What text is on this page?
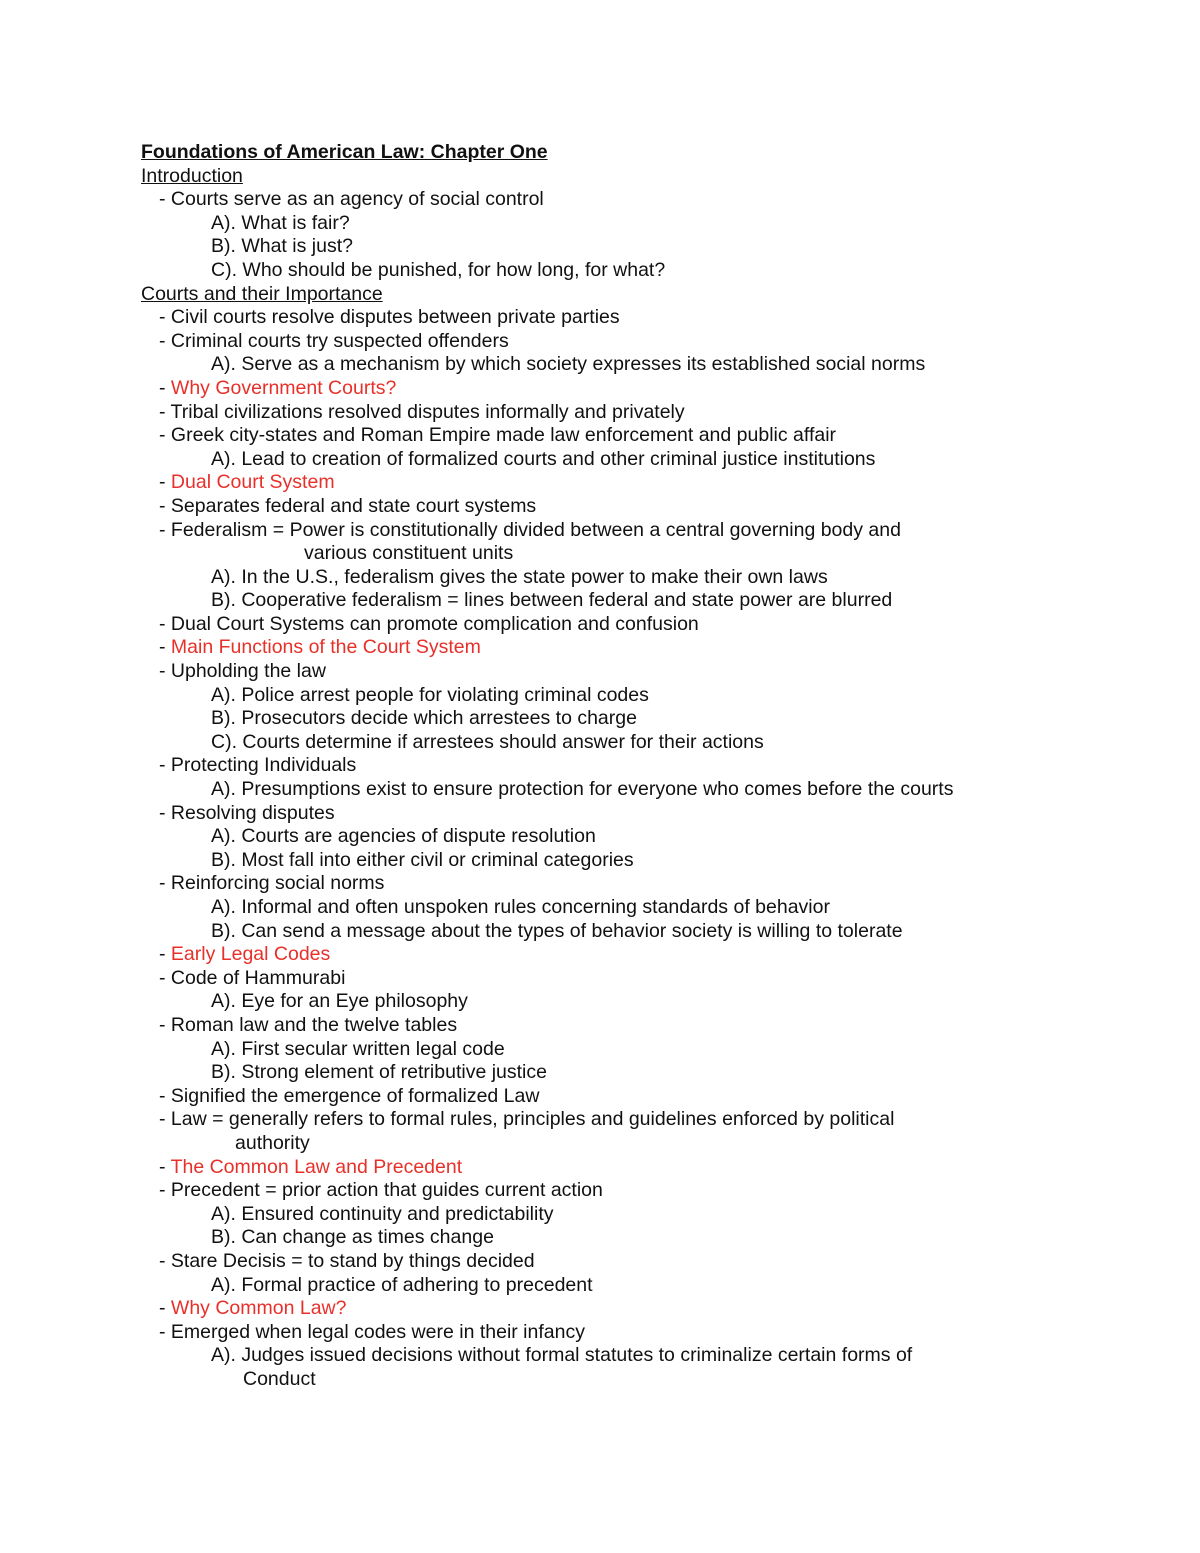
Foundations of American Law: Chapter One
Introduction
- Courts serve as an agency of social control
A). What is fair?
B). What is just?
C). Who should be punished, for how long, for what?
Courts and their Importance
- Civil courts resolve disputes between private parties
- Criminal courts try suspected offenders
A). Serve as a mechanism by which society expresses its established social norms
- Why Government Courts?
- Tribal civilizations resolved disputes informally and privately
- Greek city-states and Roman Empire made law enforcement and public affair
A). Lead to creation of formalized courts and other criminal justice institutions
- Dual Court System
- Separates federal and state court systems
- Federalism = Power is constitutionally divided between a central governing body and
various constituent units
A). In the U.S., federalism gives the state power to make their own laws
B). Cooperative federalism = lines between federal and state power are blurred
- Dual Court Systems can promote complication and confusion
- Main Functions of the Court System
- Upholding the law
A). Police arrest people for violating criminal codes
B). Prosecutors decide which arrestees to charge
C). Courts determine if arrestees should answer for their actions
- Protecting Individuals
A). Presumptions exist to ensure protection for everyone who comes before the courts
- Resolving disputes
A). Courts are agencies of dispute resolution
B). Most fall into either civil or criminal categories
- Reinforcing social norms
A). Informal and often unspoken rules concerning standards of behavior
B). Can send a message about the types of behavior society is willing to tolerate
- Early Legal Codes
- Code of Hammurabi
A). Eye for an Eye philosophy
- Roman law and the twelve tables
A). First secular written legal code
B). Strong element of retributive justice
- Signified the emergence of formalized Law
- Law = generally refers to formal rules, principles and guidelines enforced by political
authority
- The Common Law and Precedent
- Precedent = prior action that guides current action
A). Ensured continuity and predictability
B). Can change as times change
- Stare Decisis = to stand by things decided
A). Formal practice of adhering to precedent
- Why Common Law?
- Emerged when legal codes were in their infancy
A). Judges issued decisions without formal statutes to criminalize certain forms of
Conduct
